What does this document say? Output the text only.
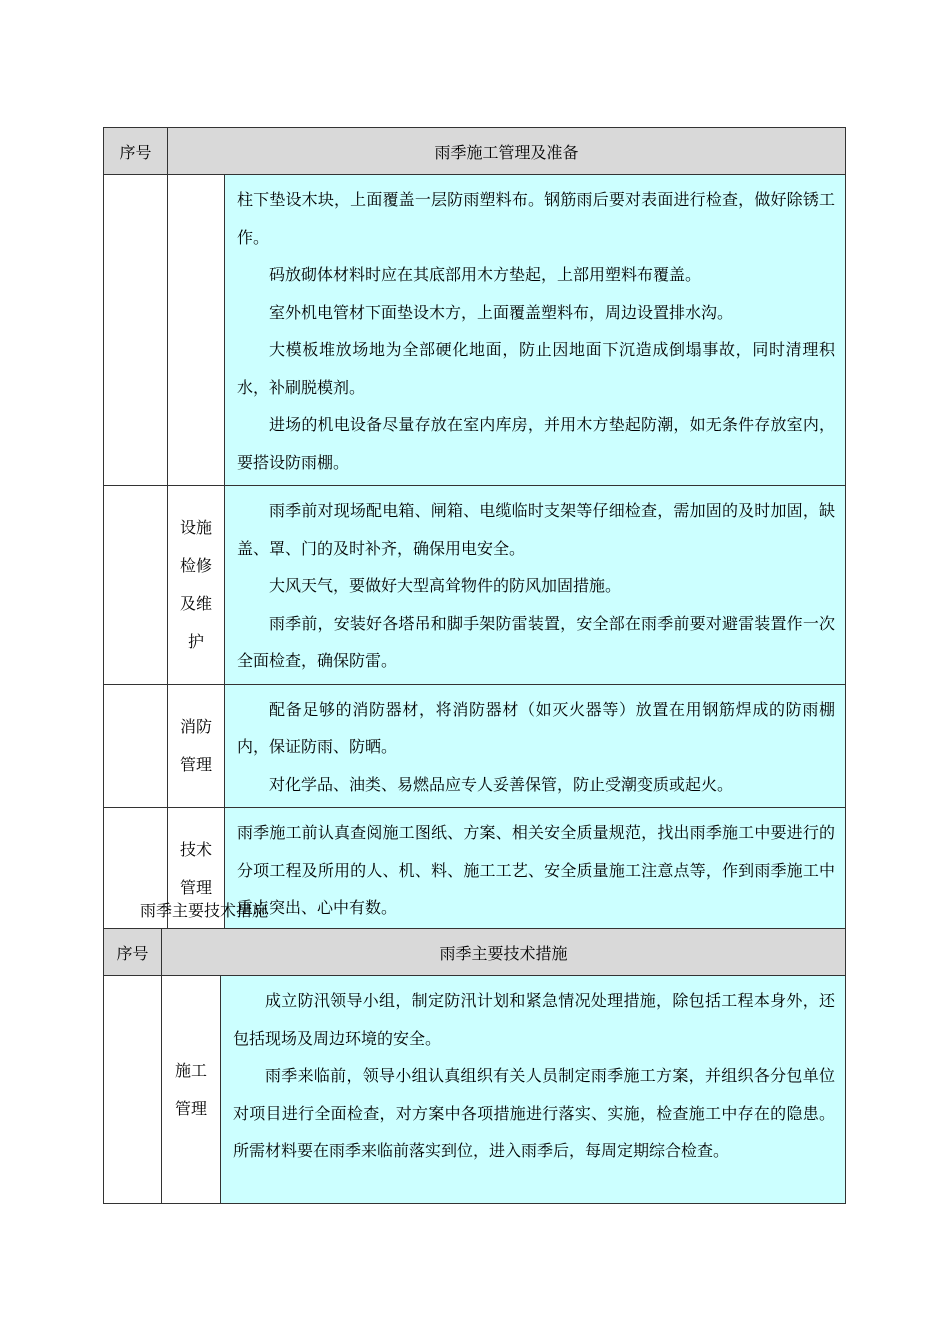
序号	雨季施工管理及准备	

		柱下垫设木块，上面覆盖一层防雨塑料布。钢筋雨后要对表面进行检查，做好除锈工作。

码放砌体材料时应在其底部用木方垫起，上部用塑料布覆盖。

室外机电管材下面垫设木方，上面覆盖塑料布，周边设置排水沟。

大模板堆放场地为全部硬化地面，防止因地面下沉造成倒塌事故，同时清理积水，补刷脱模剂。

进场的机电设备尽量存放在室内库房，并用木方垫起防潮，如无条件存放室内，要搭设防雨棚。

	设施检修及维护	雨季前对现场配电箱、闸箱、电缆临时支架等仔细检查，需加固的及时加固，缺盖、罩、门的及时补齐，确保用电安全。

大风天气，要做好大型高耸物件的防风加固措施。

雨季前，安装好各塔吊和脚手架防雷装置，安全部在雨季前要对避雷装置作一次全面检查，确保防雷。

	消防管理	配备足够的消防器材，将消防器材（如灭火器等）放置在用钢筋焊成的防雨棚内，保证防雨、防晒。

对化学品、油类、易燃品应专人妥善保管，防止受潮变质或起火。

	技术管理	雨季施工前认真查阅施工图纸、方案、相关安全质量规范，找出雨季施工中要进行的分项工程及所用的人、机、料、施工工艺、安全质量施工注意点等，作到雨季施工中重点突出、心中有数。

雨季主要技术措施
序号	雨季主要技术措施	
	施工管理	成立防汛领导小组，制定防汛计划和紧急情况处理措施，除包括工程本身外，还包括现场及周边环境的安全。

雨季来临前，领导小组认真组织有关人员制定雨季施工方案，并组织各分包单位对项目进行全面检查，对方案中各项措施进行落实、实施，检查施工中存在的隐患。所需材料要在雨季来临前落实到位，进入雨季后，每周定期综合检查。
